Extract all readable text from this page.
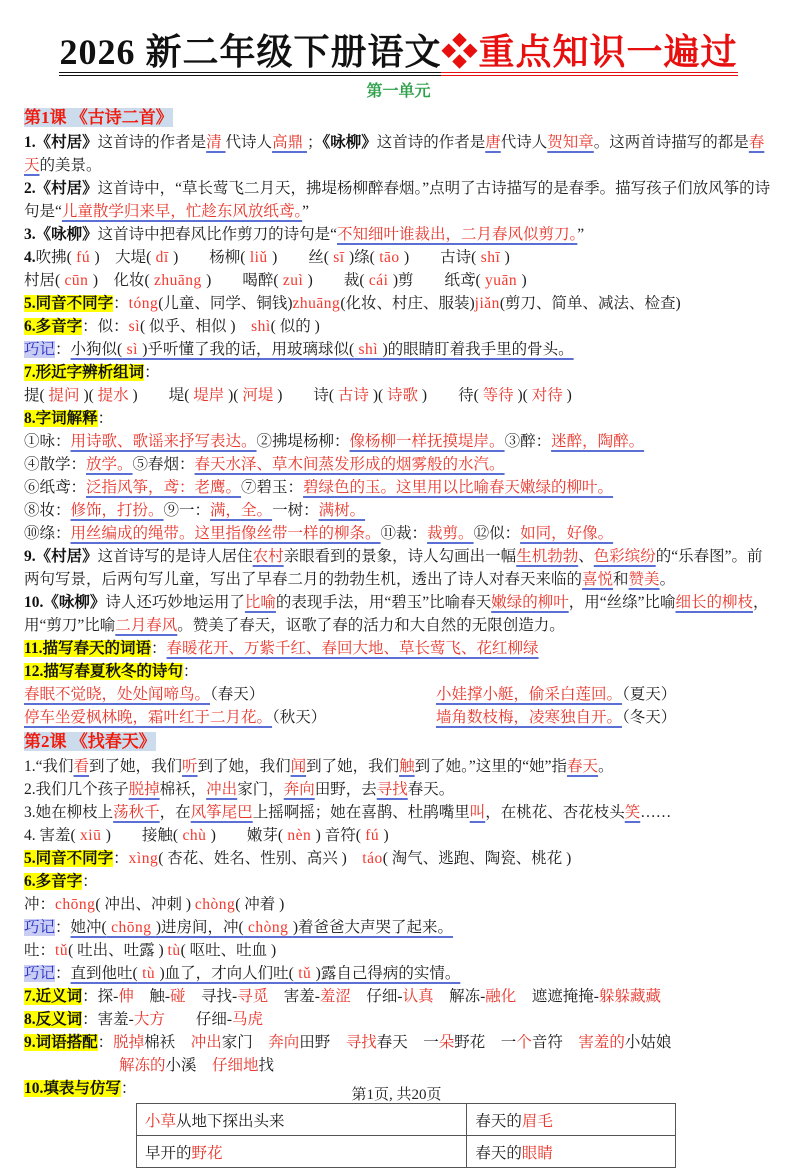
2026 新二年级下册语文❖重点知识一遍过
第一单元
第1课 《古诗二首》
1.《村居》这首诗的作者是清 代诗人高鼎 ；《咏柳》这首诗的作者是唐代诗人贺知章。这两首诗描写的都是春天的美景。
2.《村居》这首诗中，“草长莺飞二月天，拂堤杨柳醉春烟。”点明了古诗描写的是春季。描写孩子们放风筝的诗句是“儿童散学归来早，忙趁东风放纸鸢。”
3.《咏柳》这首诗中把春风比作剪刀的诗句是“不知细叶谁裁出，二月春风似剪刀。”
4.吹拂( fú )　大堤( dī )　　杨柳( liǔ )　　丝( sī )绦( tāo )　　古诗( shī )
村居( cūn )　化妆( zhuāng )　　喝醉( zuì )　　裁( cái )剪　　纸鸢( yuān )
5.同音不同字：tóng(儿童、同学、铜钱)zhuāng(化妆、村庄、服装)jiǎn(剪刀、简单、减法、检查)
6.多音字：似：sì( 似乎、相似 )　shì( 似的 )
巧记：小狗似( sì )乎听懂了我的话，用玻璃球似( shì )的眼睛盯着我手里的骨头。
7.形近字辨析组词：
提( 提问 )( 提水 )　　堤( 堤岸 )( 河堤 )　　诗( 古诗 )( 诗歌 )　　待( 等待 )( 对待 )
8.字词解释：
①咏：用诗歌、歌谣来抒写表达。②拂堤杨柳：像杨柳一样抚摸堤岸。③醉：迷醉，陶醉。
④散学：放学。⑤春烟：春天水泽、草木间蒸发形成的烟雾般的水汽。
⑥纸鸢：泛指风筝，鸢：老鹰。⑦碧玉：碧绿色的玉。这里用以比喻春天嫩绿的柳叶。
⑧妆：修饰，打扮。⑨一：满，全。一树：满树。
⑩绦：用丝编成的绳带。这里指像丝带一样的柳条。⑪裁：裁剪。⑫似：如同，好像。
9.《村居》这首诗写的是诗人居住农村亲眼看到的景象，诗人勾画出一幅生机勃勃、色彩缤纷的“乐春图”。前两句写景，后两句写儿童，写出了早春二月的勃勃生机，透出了诗人对春天来临的喜悦和赞美。
10.《咏柳》诗人还巧妙地运用了比喻的表现手法，用“碧玉”比喻春天嫩绿的柳叶，用“丝绦”比喻细长的柳枝，用“剪刀”比喻二月春风。赞美了春天，讴歌了春的活力和大自然的无限创造力。
11.描写春天的词语：春暖花开、万紫千红、春回大地、草长莺飞、花红柳绿
12.描写春夏秋冬的诗句：
春眠不觉晓，处处闻啼鸟。（春天）	小娃撑小艇，偷采白莲回。（夏天）
停车坐爱枫林晚，霜叶红于二月花。（秋天）	墙角数枝梅，凌寒独自开。（冬天）
第2课 《找春天》
1.“我们看到了她，我们听到了她，我们闻到了她，我们触到了她。”这里的“她”指春天。
2.我们几个孩子脱掉棉袄，冲出家门，奔向田野，去寻找春天。
3.她在柳枝上荡秋千，在风筝尾巴上摇啊摇；她在喜鹊、杜鹃嘴里叫，在桃花、杏花枝头笑……
4. 害羞( xiū )　　接触( chù )　　嫩芽( nèn ) 音符( fú )
5.同音不同字：xìng( 杏花、姓名、性别、高兴 )　táo( 淘气、逃跑、陶瓷、桃花 )
6.多音字：
冲：chōng( 冲出、冲刺 ) chòng( 冲着 )
巧记：她冲( chōng )进房间，冲( chòng )着爸爸大声哭了起来。
吐：tǔ( 吐出、吐露 ) tù( 呕吐、吐血 )
巧记：直到他吐( tù )血了，才向人们吐( tǔ )露自己得病的实情。
7.近义词：探-伸　触-碰　寻找-寻觅　害羞-羞涩　仔细-认真　解冻-融化　遮遮掩掩-躲躲藏藏
8.反义词：害羞-大方　　仔细-马虎
9.词语搭配：脱掉棉袄　冲出家门　奔向田野　寻找春天　一朵野花　一个音符　害羞的小姑娘
解冻的小溪　仔细地找
10.填表与仿写：
小草从地下探出头来	春天的眉毛
早开的野花	春天的眼睛
第1页, 共20页
